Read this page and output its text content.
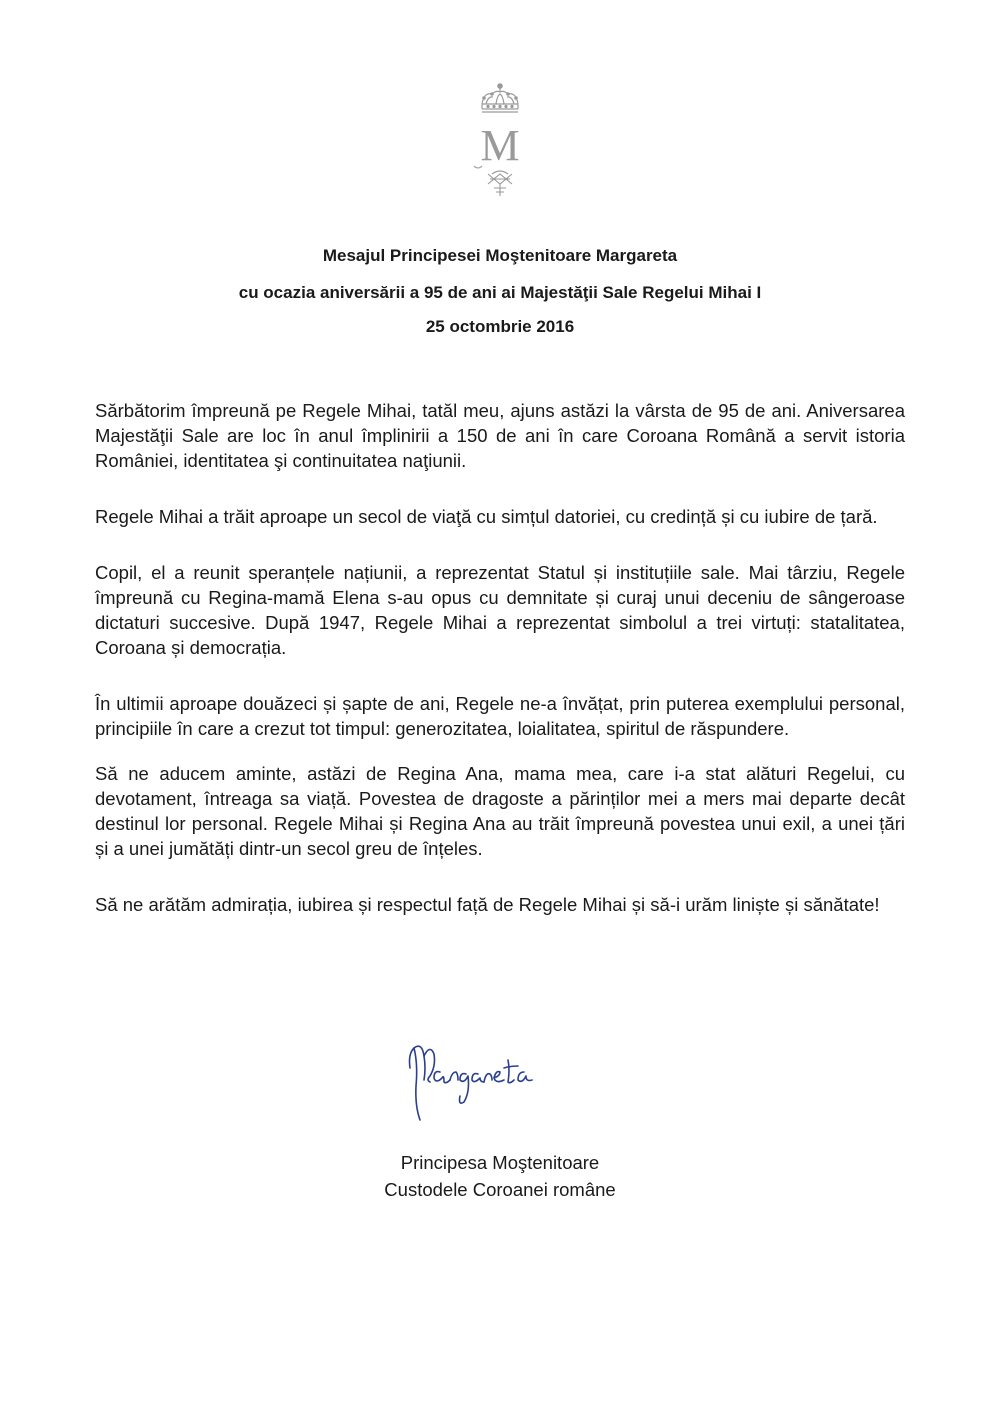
M
Mesajul Principesei Moştenitoare Margareta
cu ocazia aniversării a 95 de ani ai Majestăţii Sale Regelui Mihai I
25 octombrie 2016

Sărbătorim împreună pe Regele Mihai, tatăl meu, ajuns astăzi la vârsta de 95 de ani. Aniversarea Majestăţii Sale are loc în anul împlinirii a 150 de ani în care Coroana Română a servit istoria României, identitatea şi continuitatea naţiunii.

Regele Mihai a trăit aproape un secol de viaţă cu simțul datoriei, cu credință și cu iubire de țară.

Copil, el a reunit speranțele națiunii, a reprezentat Statul și instituțiile sale. Mai târziu, Regele împreună cu Regina-mamă Elena s-au opus cu demnitate și curaj unui deceniu de sângeroase dictaturi succesive. După 1947, Regele Mihai a reprezentat simbolul a trei virtuți: statalitatea, Coroana și democrația.

În ultimii aproape douăzeci și șapte de ani, Regele ne-a învățat, prin puterea exemplului personal, principiile în care a crezut tot timpul: generozitatea, loialitatea, spiritul de răspundere.

Să ne aducem aminte, astăzi de Regina Ana, mama mea, care i-a stat alături Regelui, cu devotament, întreaga sa viață. Povestea de dragoste a părinților mei a mers mai departe decât destinul lor personal. Regele Mihai și Regina Ana au trăit împreună povestea unui exil, a unei țări și a unei jumătăți dintr-un secol greu de înțeles.

Să ne arătăm admirația, iubirea și respectul față de Regele Mihai și să-i urăm liniște și sănătate!

Principesa Moştenitoare
Custodele Coroanei române
